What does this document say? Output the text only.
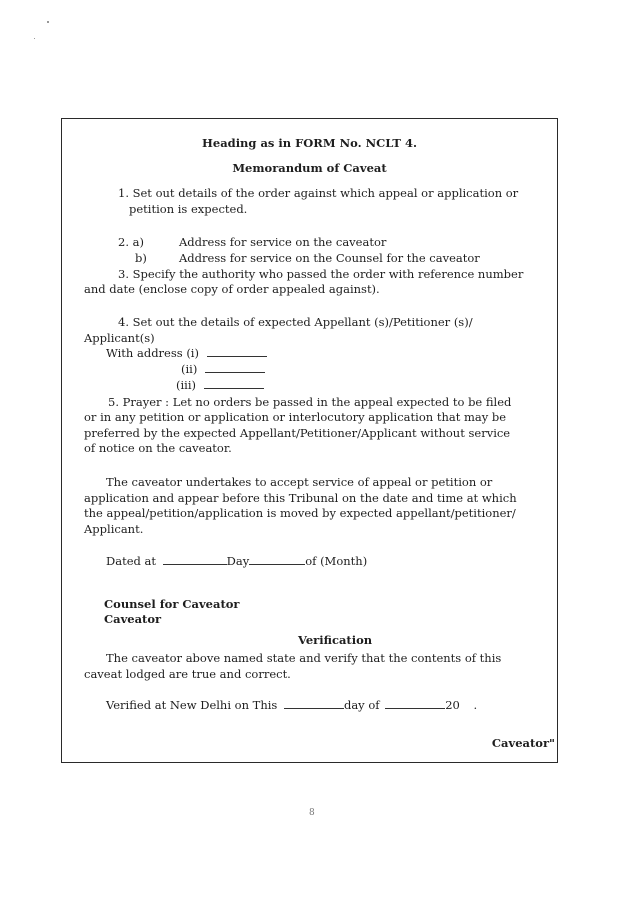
Heading as in FORM No. NCLT 4.
Memorandum of Caveat
1. Set out details of the order against which appeal or application or
petition is expected.
2. a)	Address for service on the caveator
b)	Address for service on the Counsel for the caveator
3. Specify the authority who passed the order with reference number
and date (enclose copy of order appealed against).
4. Set out the details of expected Appellant (s)/Petitioner (s)/
Applicant(s)
With address (i)
(ii)
(iii)
5. Prayer : Let no orders be passed in the appeal expected to be filed
or in any petition or application or interlocutory application that may be
preferred by the expected Appellant/Petitioner/Applicant without service
of notice on the caveator.
The caveator undertakes to accept service of appeal or petition or
application and appear before this Tribunal on the date and time at which
the appeal/petition/application is moved by expected appellant/petitioner/
Applicant.
Dated at	Day	of (Month)
Counsel for Caveator
Caveator
Verification
The caveator above named state and verify that the contents of this
caveat lodged are true and correct.
Verified at New Delhi on This	day of	20 .
Caveator"
8
